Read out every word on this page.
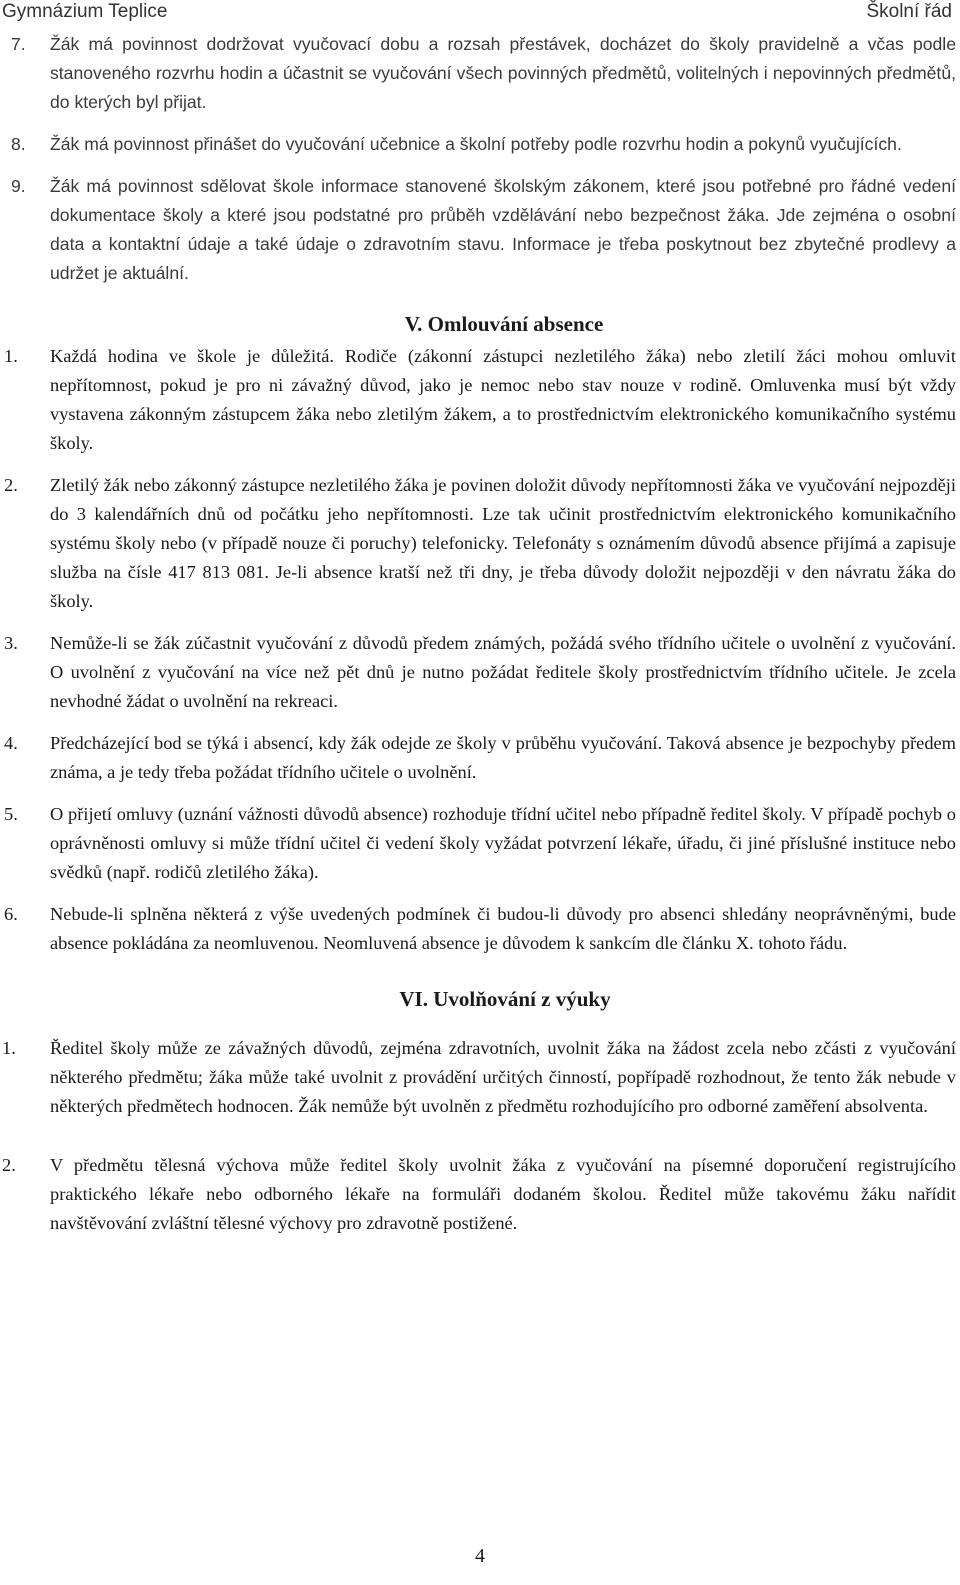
Gymnázium Teplice	Školní řád
7.	Žák má povinnost dodržovat vyučovací dobu a rozsah přestávek, docházet do školy pravidelně a včas podle stanoveného rozvrhu hodin a účastnit se vyučování všech povinných předmětů, volitelných i nepovinných předmětů, do kterých byl přijat.

8.	Žák má povinnost přinášet do vyučování učebnice a školní potřeby podle rozvrhu hodin a pokynů vyučujících.

9.	Žák má povinnost sdělovat škole informace stanovené školským zákonem, které jsou potřebné pro řádné vedení dokumentace školy a které jsou podstatné pro průběh vzdělávání nebo bezpečnost žáka. Jde zejména o osobní data a kontaktní údaje a také údaje o zdravotním stavu. Informace je třeba poskytnout bez zbytečné prodlevy a udržet je aktuální.

V. Omlouvání absence
1.	Každá hodina ve škole je důležitá. Rodiče (zákonní zástupci nezletilého žáka) nebo zletilí žáci mohou omluvit nepřítomnost, pokud je pro ni závažný důvod, jako je nemoc nebo stav nouze v rodině. Omluvenka musí být vždy vystavena zákonným zástupcem žáka nebo zletilým žákem, a to prostřednictvím elektronického komunikačního systému školy.

2.	Zletilý žák nebo zákonný zástupce nezletilého žáka je povinen doložit důvody nepřítomnosti žáka ve vyučování nejpozději do 3 kalendářních dnů od počátku jeho nepřítomnosti. Lze tak učinit prostřednictvím elektronického komunikačního systému školy nebo (v případě nouze či poruchy) telefonicky. Telefonáty s oznámením důvodů absence přijímá a zapisuje služba na čísle 417 813 081. Je-li absence kratší než tři dny, je třeba důvody doložit nejpozději v den návratu žáka do školy.

3.	Nemůže-li se žák zúčastnit vyučování z důvodů předem známých, požádá svého třídního učitele o uvolnění z vyučování. O uvolnění z vyučování na více než pět dnů je nutno požádat ředitele školy prostřednictvím třídního učitele. Je zcela nevhodné žádat o uvolnění na rekreaci.

4.	Předcházející bod se týká i absencí, kdy žák odejde ze školy v průběhu vyučování. Taková absence je bezpochyby předem známa, a je tedy třeba požádat třídního učitele o uvolnění.

5.	O přijetí omluvy (uznání vážnosti důvodů absence) rozhoduje třídní učitel nebo případně ředitel školy. V případě pochyb o oprávněnosti omluvy si může třídní učitel či vedení školy vyžádat potvrzení lékaře, úřadu, či jiné příslušné instituce nebo svědků (např. rodičů zletilého žáka).

6.	Nebude-li splněna některá z výše uvedených podmínek či budou-li důvody pro absenci shledány neoprávněnými, bude absence pokládána za neomluvenou. Neomluvená absence je důvodem k sankcím dle článku X. tohoto řádu.

VI. Uvolňování z výuky
1.	Ředitel školy může ze závažných důvodů, zejména zdravotních, uvolnit žáka na žádost zcela nebo zčásti z vyučování některého předmětu; žáka může také uvolnit z provádění určitých činností, popřípadě rozhodnout, že tento žák nebude v některých předmětech hodnocen. Žák nemůže být uvolněn z předmětu rozhodujícího pro odborné zaměření absolventa.

2.	V předmětu tělesná výchova může ředitel školy uvolnit žáka z vyučování na písemné doporučení registrujícího praktického lékaře nebo odborného lékaře na formuláři dodaném školou. Ředitel může takovému žáku nařídit navštěvování zvláštní tělesné výchovy pro zdravotně postižené.

4
